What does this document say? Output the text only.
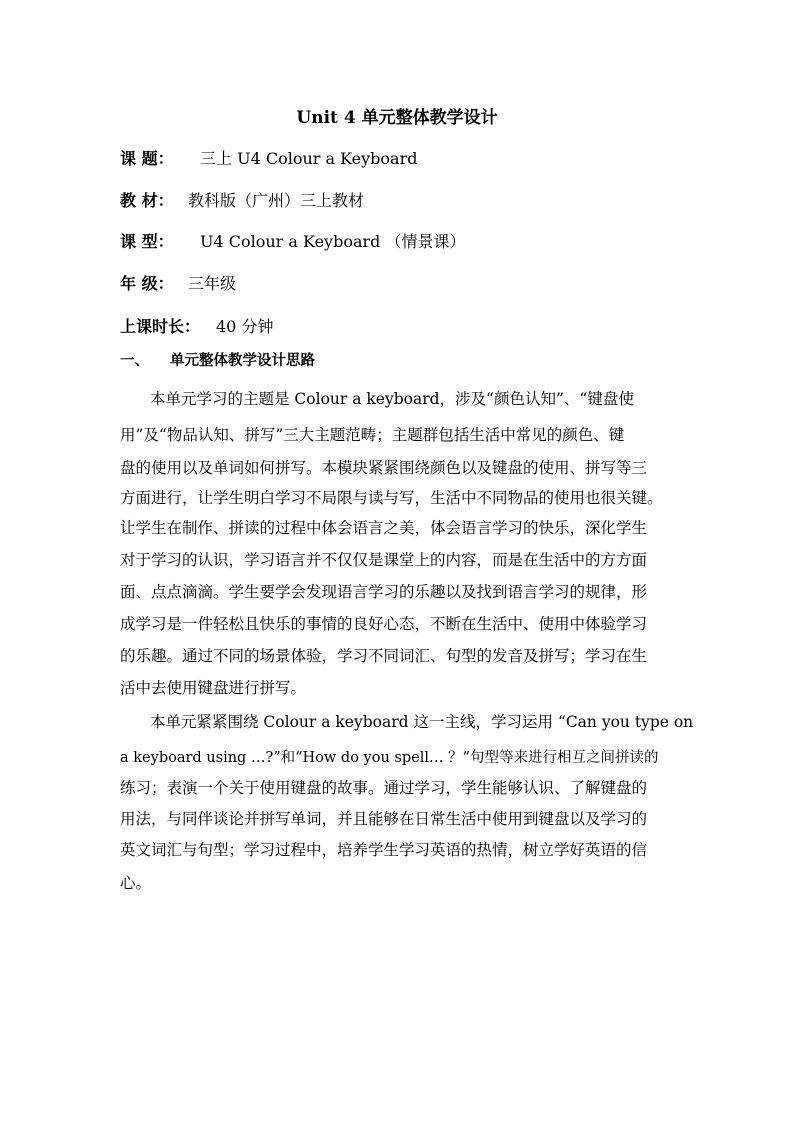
Unit 4 单元整体教学设计
课 题： 三上 U4 Colour a Keyboard
教 材： 教科版（广州）三上教材
课 型：U4 Colour a Keyboard （情景课）
年 级： 三年级
上课时长： 40 分钟
一、 单元整体教学设计思路
本单元学习的主题是 Colour a keyboard，涉及“颜色认知”、“键盘使
用”及“物品认知、拼写”三大主题范畴；主题群包括生活中常见的颜色、键
盘的使用以及单词如何拼写。本模块紧紧围绕颜色以及键盘的使用、拼写等三
方面进行，让学生明白学习不局限与读与写，生活中不同物品的使用也很关键。
让学生在制作、拼读的过程中体会语言之美，体会语言学习的快乐，深化学生
对于学习的认识，学习语言并不仅仅是课堂上的内容，而是在生活中的方方面
面、点点滴滴。学生要学会发现语言学习的乐趣以及找到语言学习的规律，形
成学习是一件轻松且快乐的事情的良好心态，不断在生活中、使用中体验学习
的乐趣。通过不同的场景体验，学习不同词汇、句型的发音及拼写；学习在生
活中去使用键盘进行拼写。
本单元紧紧围绕 Colour a keyboard 这一主线，学习运用 “Can you type on
a keyboard using …?”和“How do you spell… ？”句型等来进行相互之间拼读的
练习；表演一个关于使用键盘的故事。通过学习，学生能够认识、了解键盘的
用法，与同伴谈论并拼写单词，并且能够在日常生活中使用到键盘以及学习的
英文词汇与句型；学习过程中，培养学生学习英语的热情，树立学好英语的信
心。
